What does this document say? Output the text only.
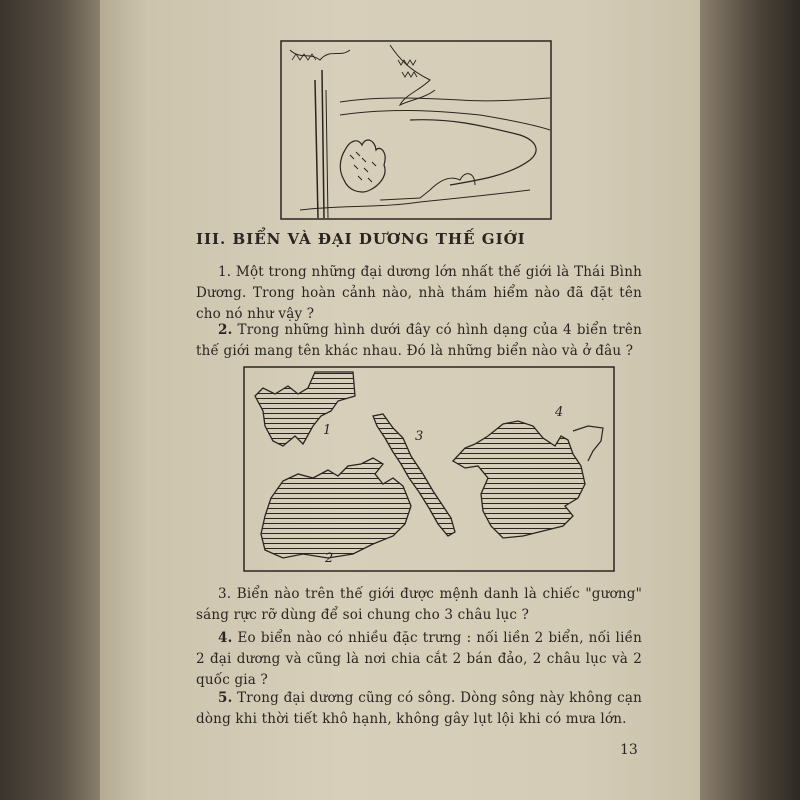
III. BIỂN VÀ ĐẠI DƯƠNG THẾ GIỚI
1. Một trong những đại dương lớn nhất thế giới là Thái Bình Dương. Trong hoàn cảnh nào, nhà thám hiểm nào đã đặt tên cho nó như vậy ?
2. Trong những hình dưới đây có hình dạng của 4 biển trên thế giới mang tên khác nhau. Đó là những biển nào và ở đâu ?
1
2
3
4
3. Biển nào trên thế giới được mệnh danh là chiếc "gương" sáng rực rỡ dùng để soi chung cho 3 châu lục ?
4. Eo biển nào có nhiều đặc trưng : nối liền 2 biển, nối liền 2 đại dương và cũng là nơi chia cắt 2 bán đảo, 2 châu lục và 2 quốc gia ?
5. Trong đại dương cũng có sông. Dòng sông này không cạn dòng khi thời tiết khô hạnh, không gây lụt lội khi có mưa lớn.
13
